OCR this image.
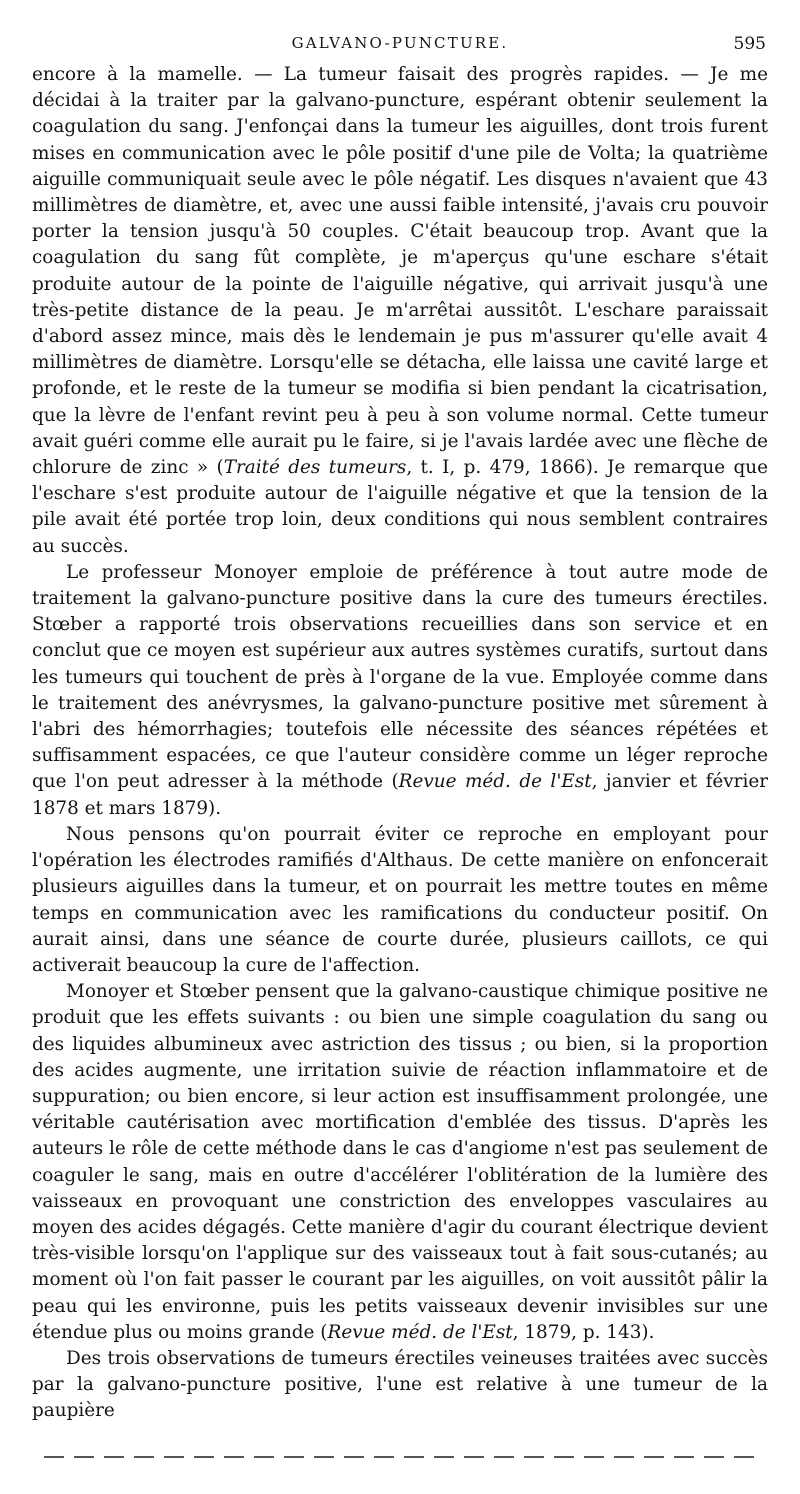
GALVANO-PUNCTURE.	595

encore à la mamelle. — La tumeur faisait des progrès rapides. — Je me décidai à la traiter par la galvano-puncture, espérant obtenir seulement la coagulation du sang. J'enfonçai dans la tumeur les aiguilles, dont trois furent mises en communication avec le pôle positif d'une pile de Volta; la quatrième aiguille communiquait seule avec le pôle négatif. Les disques n'avaient que 43 millimètres de diamètre, et, avec une aussi faible intensité, j'avais cru pouvoir porter la tension jusqu'à 50 couples. C'était beaucoup trop. Avant que la coagulation du sang fût complète, je m'aperçus qu'une eschare s'était produite autour de la pointe de l'aiguille négative, qui arrivait jusqu'à une très-petite distance de la peau. Je m'arrêtai aussitôt. L'eschare paraissait d'abord assez mince, mais dès le lendemain je pus m'assurer qu'elle avait 4 millimètres de diamètre. Lorsqu'elle se détacha, elle laissa une cavité large et profonde, et le reste de la tumeur se modifia si bien pendant la cicatrisation, que la lèvre de l'enfant revint peu à peu à son volume normal. Cette tumeur avait guéri comme elle aurait pu le faire, si je l'avais lardée avec une flèche de chlorure de zinc » (Traité des tumeurs, t. I, p. 479, 1866). Je remarque que l'eschare s'est produite autour de l'aiguille négative et que la tension de la pile avait été portée trop loin, deux conditions qui nous semblent contraires au succès.

Le professeur Monoyer emploie de préférence à tout autre mode de traitement la galvano-puncture positive dans la cure des tumeurs érectiles. Stœber a rapporté trois observations recueillies dans son service et en conclut que ce moyen est supérieur aux autres systèmes curatifs, surtout dans les tumeurs qui touchent de près à l'organe de la vue. Employée comme dans le traitement des anévrysmes, la galvano-puncture positive met sûrement à l'abri des hémorrhagies; toutefois elle nécessite des séances répétées et suffisamment espacées, ce que l'auteur considère comme un léger reproche que l'on peut adresser à la méthode (Revue méd. de l'Est, janvier et février 1878 et mars 1879).

Nous pensons qu'on pourrait éviter ce reproche en employant pour l'opération les électrodes ramifiés d'Althaus. De cette manière on enfoncerait plusieurs aiguilles dans la tumeur, et on pourrait les mettre toutes en même temps en communication avec les ramifications du conducteur positif. On aurait ainsi, dans une séance de courte durée, plusieurs caillots, ce qui activerait beaucoup la cure de l'affection.

Monoyer et Stœber pensent que la galvano-caustique chimique positive ne produit que les effets suivants : ou bien une simple coagulation du sang ou des liquides albumineux avec astriction des tissus ; ou bien, si la proportion des acides augmente, une irritation suivie de réaction inflammatoire et de suppuration; ou bien encore, si leur action est insuffisamment prolongée, une véritable cautérisation avec mortification d'emblée des tissus. D'après les auteurs le rôle de cette méthode dans le cas d'angiome n'est pas seulement de coaguler le sang, mais en outre d'accélérer l'oblitération de la lumière des vaisseaux en provoquant une constriction des enveloppes vasculaires au moyen des acides dégagés. Cette manière d'agir du courant électrique devient très-visible lorsqu'on l'applique sur des vaisseaux tout à fait sous-cutanés; au moment où l'on fait passer le courant par les aiguilles, on voit aussitôt pâlir la peau qui les environne, puis les petits vaisseaux devenir invisibles sur une étendue plus ou moins grande (Revue méd. de l'Est, 1879, p. 143).

Des trois observations de tumeurs érectiles veineuses traitées avec succès par la galvano-puncture positive, l'une est relative à une tumeur de la paupière
